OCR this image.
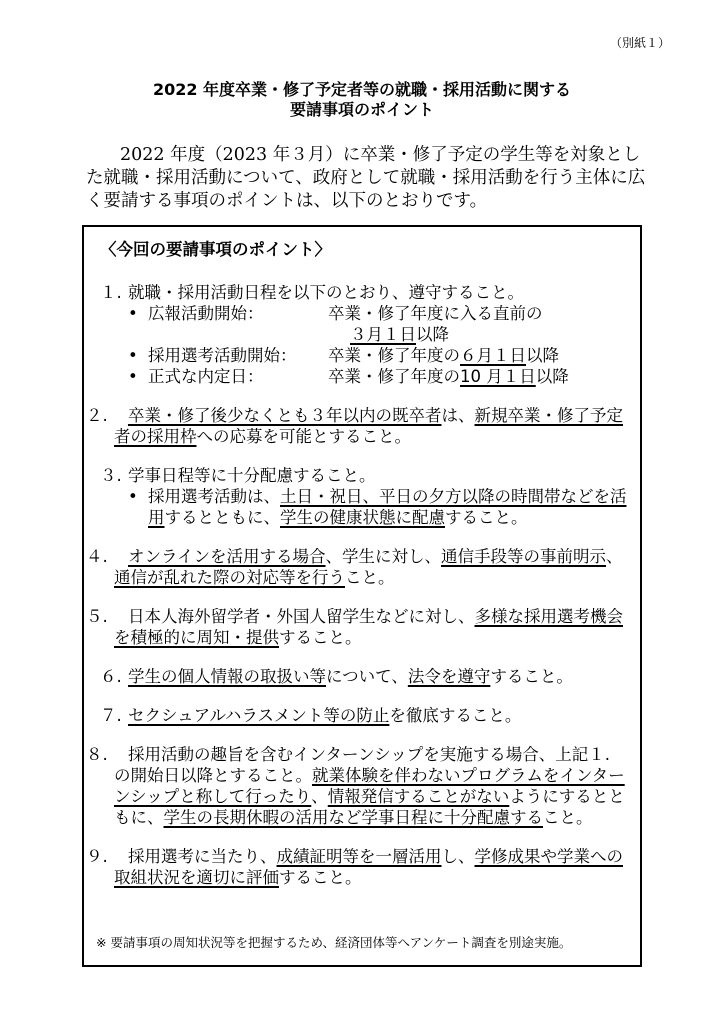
（別紙１）
2022 年度卒業・修了予定者等の就職・採用活動に関する
要請事項のポイント
2022 年度（2023 年３月）に卒業・修了予定の学生等を対象とした就職・採用活動について、政府として就職・採用活動を行う主体に広く要請する事項のポイントは、以下のとおりです。
〈今回の要請事項のポイント〉
１. 就職・採用活動日程を以下のとおり、遵守すること。
• 広報活動開始：	卒業・修了年度に入る直前の
３月１日以降
• 採用選考活動開始： 卒業・修了年度の６月１日以降
• 正式な内定日：	卒業・修了年度の10 月１日以降
２. 卒業・修了後少なくとも３年以内の既卒者は、新規卒業・修了予定者の採用枠への応募を可能とすること。
３. 学事日程等に十分配慮すること。
• 採用選考活動は、土日・祝日、平日の夕方以降の時間帯などを活用するとともに、学生の健康状態に配慮すること。
４. オンラインを活用する場合、学生に対し、通信手段等の事前明示、通信が乱れた際の対応等を行うこと。
５. 日本人海外留学者・外国人留学生などに対し、多様な採用選考機会を積極的に周知・提供すること。
６. 学生の個人情報の取扱い等について、法令を遵守すること。
７. セクシュアルハラスメント等の防止を徹底すること。
８. 採用活動の趣旨を含むインターンシップを実施する場合、上記１. の開始日以降とすること。就業体験を伴わないプログラムをインターンシップと称して行ったり、情報発信することがないようにするとともに、学生の長期休暇の活用など学事日程に十分配慮すること。
９. 採用選考に当たり、成績証明等を一層活用し、学修成果や学業への取組状況を適切に評価すること。
※ 要請事項の周知状況等を把握するため、経済団体等へアンケート調査を別途実施。
